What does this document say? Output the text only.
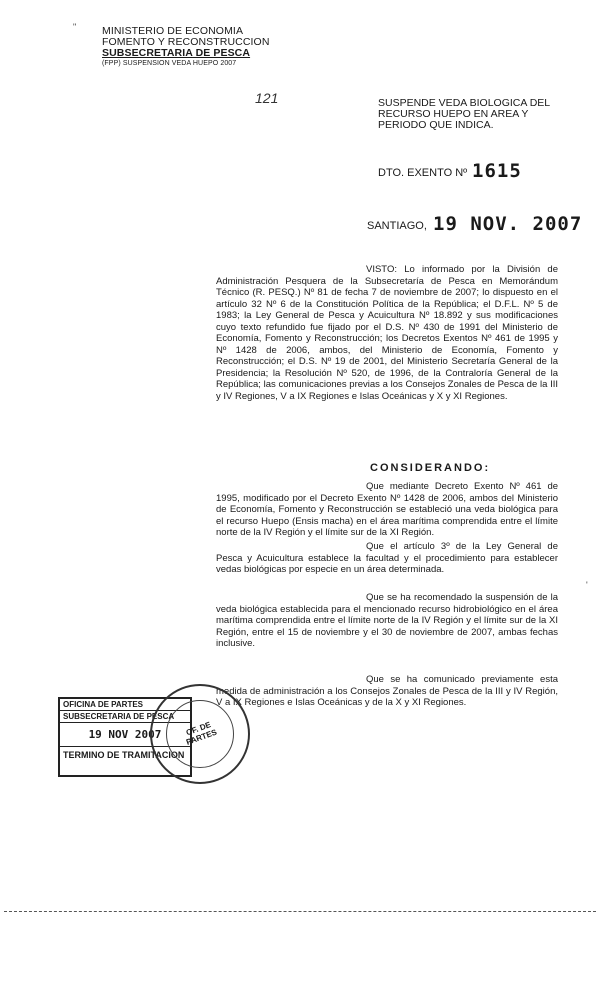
"
'
MINISTERIO DE ECONOMIA
FOMENTO Y RECONSTRUCCION
SUBSECRETARIA DE PESCA
(FPP) SUSPENSION VEDA HUEPO 2007
121	SUSPENDE VEDA BIOLOGICA DEL RECURSO HUEPO EN AREA Y PERIODO QUE INDICA.
DTO. EXENTO Nº 1615
SANTIAGO, 19 NOV. 2007
VISTO: Lo informado por la División de Administración Pesquera de la Subsecretaría de Pesca en Memorándum Técnico (R. PESQ.) Nº 81 de fecha 7 de noviembre de 2007; lo dispuesto en el artículo 32 Nº 6 de la Constitución Política de la República; el D.F.L. Nº 5 de 1983; la Ley General de Pesca y Acuicultura Nº 18.892 y sus modificaciones cuyo texto refundido fue fijado por el D.S. Nº 430 de 1991 del Ministerio de Economía, Fomento y Reconstrucción; los Decretos Exentos Nº 461 de 1995 y Nº 1428 de 2006, ambos, del Ministerio de Economía, Fomento y Reconstrucción; el D.S. Nº 19 de 2001, del Ministerio Secretaría General de la Presidencia; la Resolución Nº 520, de 1996, de la Contraloría General de la República; las comunicaciones previas a los Consejos Zonales de Pesca de la III y IV Regiones, V a IX Regiones e Islas Oceánicas y X y XI Regiones.
CONSIDERANDO:
Que mediante Decreto Exento Nº 461 de 1995, modificado por el Decreto Exento Nº 1428 de 2006, ambos del Ministerio de Economía, Fomento y Reconstrucción se estableció una veda biológica para el recurso Huepo (Ensis macha) en el área marítima comprendida entre el límite norte de la IV Región y el límite sur de la XI Región.
Que el artículo 3º de la Ley General de Pesca y Acuicultura establece la facultad y el procedimiento para establecer vedas biológicas por especie en un área determinada.
Que se ha recomendado la suspensión de la veda biológica establecida para el mencionado recurso hidrobiológico en el área marítima comprendida entre el límite norte de la IV Región y el límite sur de la XI Región, entre el 15 de noviembre y el 30 de noviembre de 2007, ambas fechas inclusive.
Que se ha comunicado previamente esta medida de administración a los Consejos Zonales de Pesca de la III y IV Región, V a IX Regiones e Islas Oceánicas y de la X y XI Regiones.
OFICINA DE PARTES
SUBSECRETARIA DE PESCA
19 NOV 2007
TERMINO DE TRAMITACION
OF. DE PARTES
